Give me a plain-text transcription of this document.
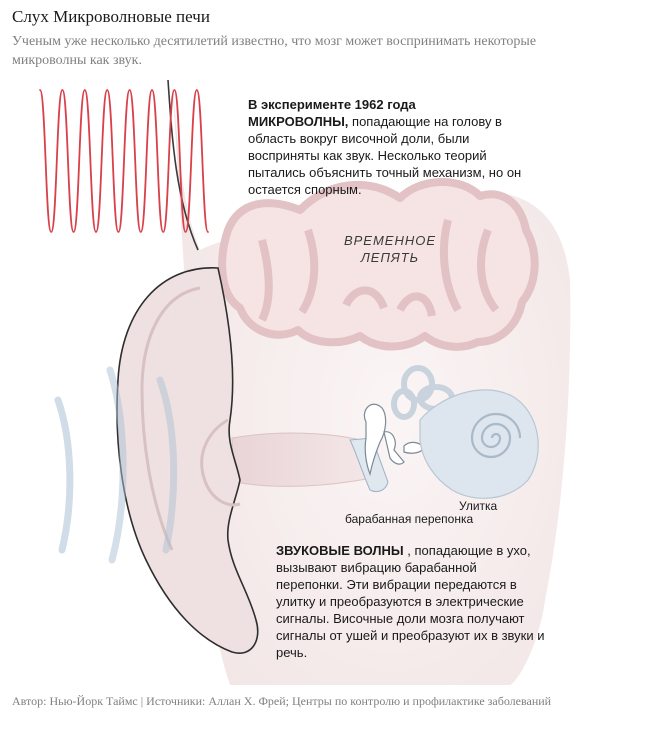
Слух Микроволновые печи
Ученым уже несколько десятилетий известно, что мозг может воспринимать некоторые микроволны как звук.
В эксперименте 1962 года
МИКРОВОЛНЫ, попадающие на голову в область вокруг височной доли, были восприняты как звук. Несколько теорий пытались объяснить точный механизм, но он остается спорным.
ВРЕМЕННОЕ
ЛЕПЯТЬ
Улитка
барабанная перепонка
ЗВУКОВЫЕ ВОЛНЫ , попадающие в ухо, вызывают вибрацию барабанной перепонки. Эти вибрации передаются в улитку и преобразуются в электрические сигналы. Височные доли мозга получают сигналы от ушей и преобразуют их в звуки и речь.
Автор: Нью-Йорк Таймс | Источники: Аллан Х. Фрей; Центры по контролю и профилактике заболеваний
